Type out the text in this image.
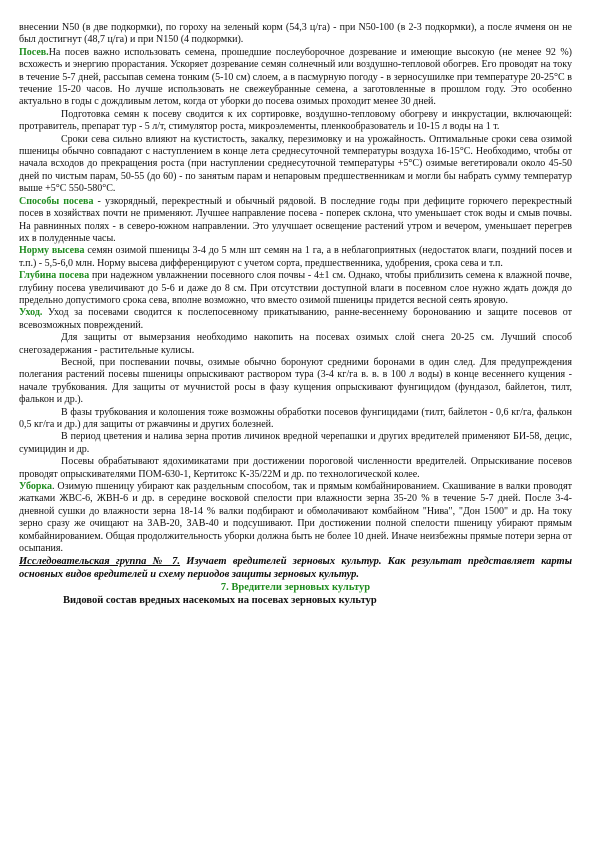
внесении N50 (в две подкормки), по гороху на зеленый корм (54,3 ц/га) - при N50-100 (в 2-3 подкормки), а после ячменя он не был достигнут (48,7 ц/га) и при N150 (4 подкормки).

Посев.На посев важно использовать семена, прошедшие послеуборочное дозревание и имеющие высокую (не менее 92 %) всхожесть и энергию прорастания. Ускоряет дозревание семян солнечный или воздушно-тепловой обогрев. Его проводят на току в течение 5-7 дней, рассыпав семена тонким (5-10 см) слоем, а в пасмурную погоду - в зерносушилке при температуре 20-25°С в течение 15-20 часов. Но лучше использовать не свежеубранные семена, а заготовленные в прошлом году. Это особенно актуально в годы с дождливым летом, когда от уборки до посева озимых проходит менее 30 дней.

Подготовка семян к посеву сводится к их сортировке, воздушно-тепловому обогреву и инкрустации, включающей: протравитель, препарат тур - 5 л/т, стимулятор роста, микроэлементы, пленкообразователь и 10-15 л воды на 1 т.

Сроки сева сильно влияют на кустистость, закалку, перезимовку и на урожайность. Оптимальные сроки сева озимой пшеницы обычно совпадают с наступлением в конце лета среднесуточной температуры воздуха 16-15°С. Необходимо, чтобы от начала всходов до прекращения роста (при наступлении среднесуточной температуры +5°С) озимые вегетировали около 45-50 дней по чистым парам, 50-55 (до 60) - по занятым парам и непаровым предшественникам и могли бы набрать сумму температур выше +5°С 550-580°С.

Способы посева - узкорядный, перекрестный и обычный рядовой. В последние годы при дефиците горючего перекрестный посев в хозяйствах почти не применяют. Лучшее направление посева - поперек склона, что уменьшает сток воды и смыв почвы. На равнинных полях - в северо-южном направлении. Это улучшает освещение растений утром и вечером, уменьшает перегрев их в полуденные часы.

Норму высева семян озимой пшеницы 3-4 до 5 млн шт семян на 1 га, а в неблагоприятных (недостаток влаги, поздний посев и т.п.) - 5,5-6,0 млн. Норму высева дифференцируют с учетом сорта, предшественника, удобрения, срока сева и т.п.

Глубина посева при надежном увлажнении посевного слоя почвы - 4±1 см. Однако, чтобы приблизить семена к влажной почве, глубину посева увеличивают до 5-6 и даже до 8 см. При отсутствии доступной влаги в посевном слое нужно ждать дождя до предельно допустимого срока сева, вполне возможно, что вместо озимой пшеницы придется весной сеять яровую.

Уход. Уход за посевами сводится к послепосевному прикатыванию, ранне-весеннему боронованию и защите посевов от всевозможных повреждений.

Для защиты от вымерзания необходимо накопить на посевах озимых слой снега 20-25 см. Лучший способ снегозадержания - растительные кулисы.

Весной, при поспевании почвы, озимые обычно боронуют средними боронами в один след. Для предупреждения полегания растений посевы пшеницы опрыскивают раствором тура (3-4 кг/га в. в. в 100 л воды) в конце весеннего кущения - начале трубкования. Для защиты от мучнистой росы в фазу кущения опрыскивают фунгицидом (фундазол, байлетон, тилт, фалькон и др.).

В фазы трубкования и колошения тоже возможны обработки посевов фунгицидами (тилт, байлетон - 0,6 кг/га, фалькон 0,5 кг/га и др.) для защиты от ржавчины и других болезней.

В период цветения и налива зерна против личинок вредной черепашки и других вредителей применяют БИ-58, децис, сумицидин и др.

Посевы обрабатывают ядохимикатами при достижении пороговой численности вредителей. Опрыскивание посевов проводят опрыскивателями ПОМ-630-1, Кертитокс К-35/22М и др. по технологической колее.

Уборка. Озимую пшеницу убирают как раздельным способом, так и прямым комбайнированием. Скашивание в валки проводят жатками ЖВС-6, ЖВН-6 и др. в середине восковой спелости при влажности зерна 35-20 % в течение 5-7 дней. После 3-4-дневной сушки до влажности зерна 18-14 % валки подбирают и обмолачивают комбайном "Нива", "Дон 1500" и др. На току зерно сразу же очищают на ЗАВ-20, ЗАВ-40 и подсушивают. При достижении полной спелости пшеницу убирают прямым комбайнированием. Общая продолжительность уборки должна быть не более 10 дней. Иначе неизбежны прямые потери зерна от осыпания.

Исследовательская группа № 7. Изучает вредителей зерновых культур. Как результат представляет карты основных видов вредителей и схему периодов защиты зерновых культур.

7. Вредители зерновых культур

Видовой состав вредных насекомых на посевах зерновых культур
